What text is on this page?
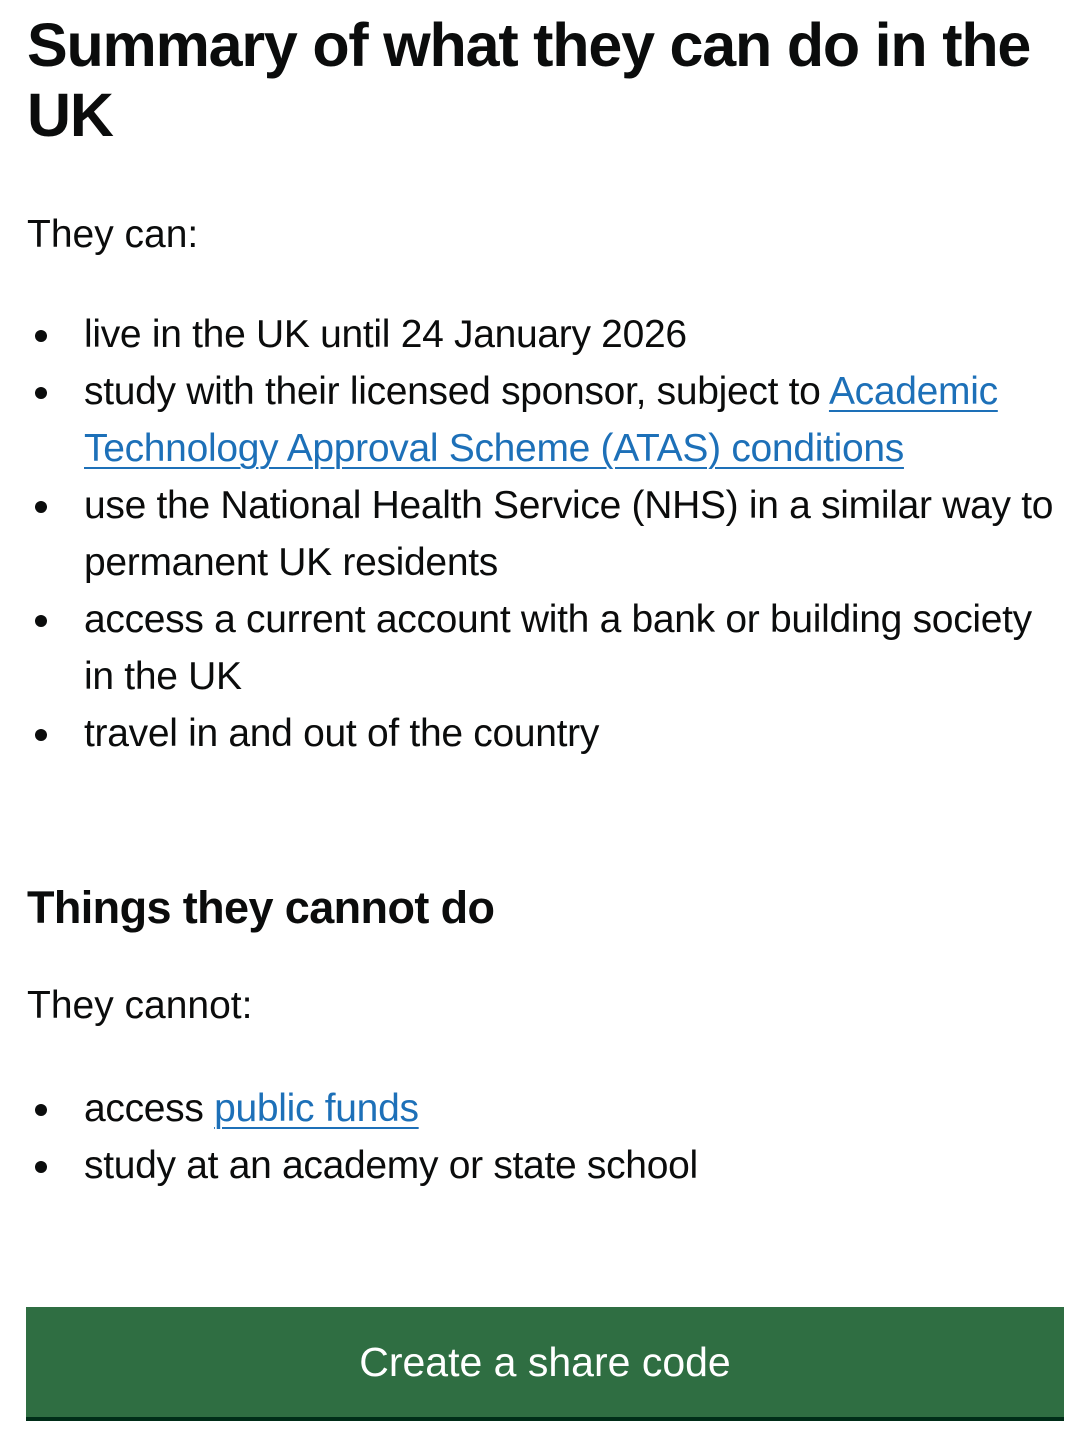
Summary of what they can do in the UK

They can:

live in the UK until 24 January 2026
study with their licensed sponsor, subject to Academic Technology Approval Scheme (ATAS) conditions
use the National Health Service (NHS) in a similar way to permanent UK residents
access a current account with a bank or building society in the UK
travel in and out of the country
Things they cannot do

They cannot:

access public funds
study at an academy or state school
Create a share code
